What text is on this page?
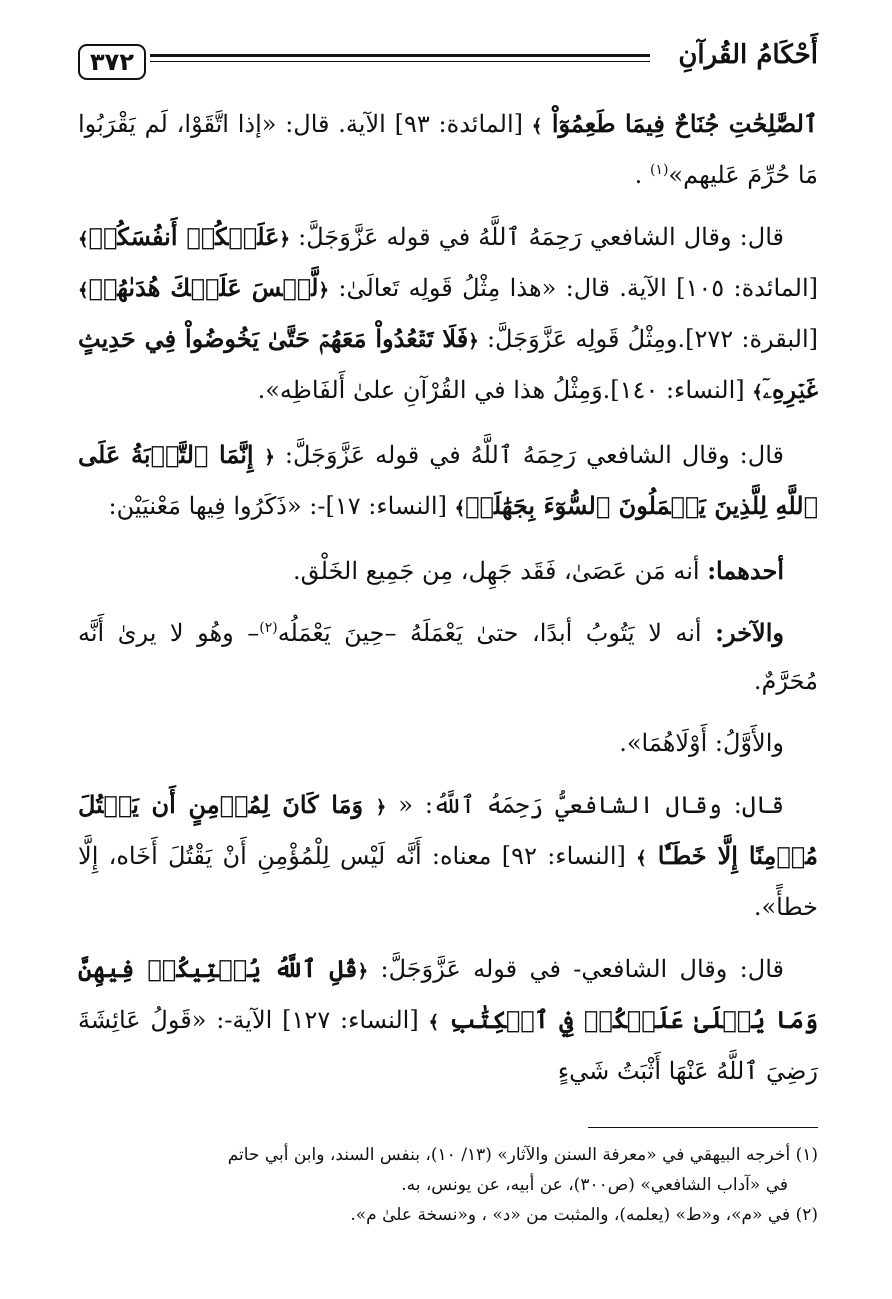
٣٧٢	أَحْكَامُ القُرآنِ

ٱلصَّٰلِحَٰتِ جُنَاحٌ فِيمَا طَعِمُوٓاْ ﴾ [المائدة: ٩٣] الآية. قال: «إذا اتَّقَوْا، لَم يَقْرَبُوا مَا حُرِّمَ عَليهم»$^{(١)}$ .

قال: وقال الشافعي رَحِمَهُ ٱللَّهُ في قوله عَزَّوَجَلَّ: ﴿عَلَيۡكُمۡ أَنفُسَكُمۡ﴾ [المائدة: ١٠٥] الآية. قال: «هذا مِثْلُ قَولِه تَعالَىٰ: ﴿لَّيۡسَ عَلَيۡكَ هُدَىٰهُمۡ﴾ [البقرة: ٢٧٢].ومِثْلُ قَولِه عَزَّوَجَلَّ: ﴿فَلَا تَقۡعُدُواْ مَعَهُمۡ حَتَّىٰ يَخُوضُواْ فِي حَدِيثٍ غَيۡرِهِۦٓ﴾ [النساء: ١٤٠].وَمِثْلُ هذا في القُرْآنِ علىٰ أَلفَاظِه».

قال: وقال الشافعي رَحِمَهُ ٱللَّهُ في قوله عَزَّوَجَلَّ: ﴿ إِنَّمَا ٱلتَّوۡبَةُ عَلَى ٱللَّهِ لِلَّذِينَ يَعۡمَلُونَ ٱلسُّوٓءَ بِجَهَٰلَةٖ﴾ [النساء: ١٧]-: «ذَكَرُوا فِيها مَعْنيَيْن:

أحدهما: أنه مَن عَصَىٰ، فَقَد جَهِل، مِن جَمِيع الخَلْق.

والآخر: أنه لا يَتُوبُ أبدًا، حتىٰ يَعْمَلَهُ –حِينَ يَعْمَلُه$^{(٢)}$– وهُو لا يرىٰ أَنَّه مُحَرَّمٌ.

والأَوَّلُ: أَوْلَاهُمَا».

قال: وقال الشافعيُّ رَحِمَهُ ٱللَّهُ: « ﴿ وَمَا كَانَ لِمُؤۡمِنٍ أَن يَقۡتُلَ مُؤۡمِنًا إِلَّا خَطَـٔٗا ﴾ [النساء: ٩٢] معناه: أَنَّه لَيْس لِلْمُؤْمِنِ أَنْ يَقْتُلَ أَخَاه، إِلَّا خطأً».

قال: وقال الشافعي- في قوله عَزَّوَجَلَّ: ﴿قُلِ ٱللَّهُ يُفۡتِيكُمۡ فِيهِنَّ وَمَا يُتۡلَىٰ عَلَيۡكُمۡ فِي ٱلۡكِتَٰبِ ﴾ [النساء: ١٢٧] الآية-: «قَولُ عَائِشَةَ رَضِيَ ٱللَّهُ عَنْهَا أَثْبَتُ شَيءٍ

(١) أخرجه البيهقي في «معرفة السنن والآثار» (١٣/ ١٠)، بنفس السند، وابن أبي حاتم

في «آداب الشافعي» (ص٣٠٠)، عن أبيه، عن يونس، به.

(٢) في «م»، و«ط» (يعلمه)، والمثبت من «د» ، و«نسخة علىٰ م».
